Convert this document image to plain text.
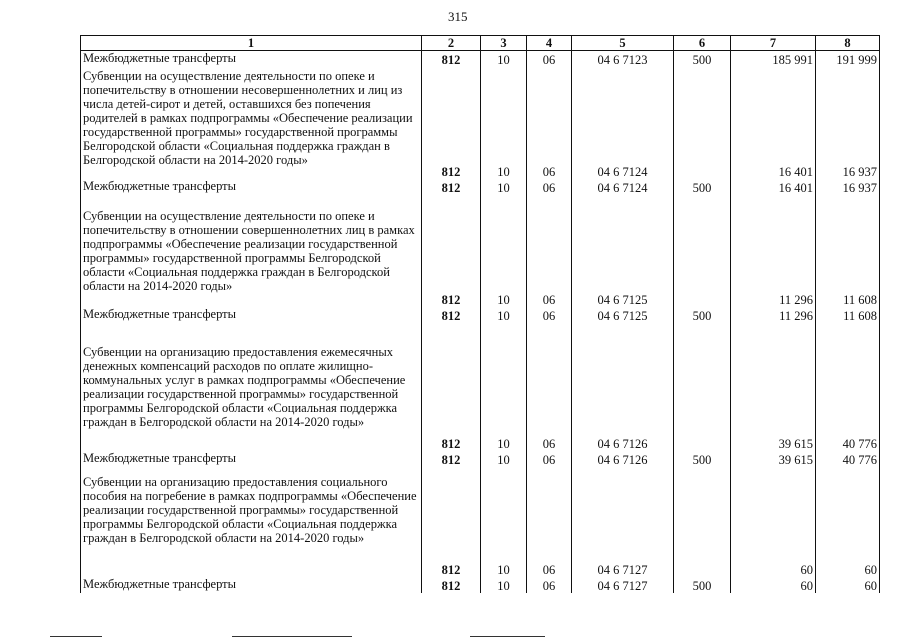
315
1	2	3	4	5	6	7	8
Межбюджетные трансферты	812	10	06	04 6 7123	500	185 991	191 999
Субвенции на осуществление деятельности по опеке и попечительству в отношении несовершеннолетних и лиц из числа детей-сирот и детей, оставшихся без попечения родителей в рамках подпрограммы «Обеспечение реализации государственной программы» государственной программы Белгородской области «Социальная поддержка граждан в Белгородской области на 2014-2020 годы»	812	10	06	04 6 7124		16 401	16 937
Межбюджетные трансферты	812	10	06	04 6 7124	500	16 401	16 937
Субвенции на осуществление деятельности по опеке и попечительству в отношении совершеннолетних лиц в рамках подпрограммы «Обеспечение реализации государственной программы» государственной программы Белгородской области «Социальная поддержка граждан в Белгородской области на 2014-2020 годы»	812	10	06	04 6 7125		11 296	11 608
Межбюджетные трансферты	812	10	06	04 6 7125	500	11 296	11 608
Субвенции на организацию предоставления ежемесячных денежных компенсаций расходов по оплате жилищно-коммунальных услуг в рамках подпрограммы «Обеспечение реализации государственной программы» государственной программы Белгородской области «Социальная поддержка граждан в Белгородской области на 2014-2020 годы»	812	10	06	04 6 7126		39 615	40 776
Межбюджетные трансферты	812	10	06	04 6 7126	500	39 615	40 776
Субвенции на организацию предоставления социального пособия на погребение в рамках подпрограммы «Обеспечение реализации государственной программы» государственной программы Белгородской области «Социальная поддержка граждан в Белгородской области на 2014-2020 годы»	812	10	06	04 6 7127		60	60
Межбюджетные трансферты	812	10	06	04 6 7127	500	60	60
